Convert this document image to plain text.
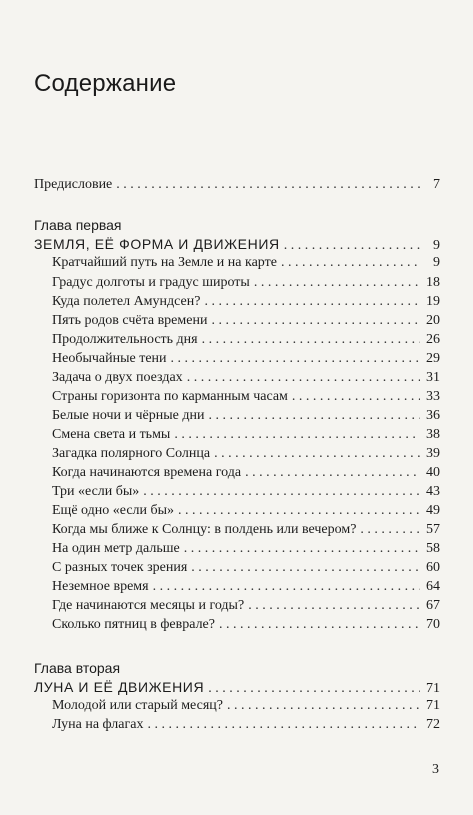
Содержание
Предисловие . . .	7
Глава первая
ЗЕМЛЯ, ЕЁ ФОРМА И ДВИЖЕНИЯ . . .	9
Кратчайший путь на Земле и на карте . . .	9
Градус долготы и градус широты . . .	18
Куда полетел Амундсен? . . .	19
Пять родов счёта времени . . .	20
Продолжительность дня . . .	26
Необычайные тени . . .	29
Задача о двух поездах . . .	31
Страны горизонта по карманным часам . . .	33
Белые ночи и чёрные дни . . .	36
Смена света и тьмы . . .	38
Загадка полярного Солнца . . .	39
Когда начинаются времена года . . .	40
Три «если бы» . . .	43
Ещё одно «если бы» . . .	49
Когда мы ближе к Солнцу: в полдень или вечером? . . .	57
На один метр дальше . . .	58
С разных точек зрения . . .	60
Неземное время . . .	64
Где начинаются месяцы и годы? . . .	67
Сколько пятниц в феврале? . . .	70
Глава вторая
ЛУНА И ЕЁ ДВИЖЕНИЯ . . .	71
Молодой или старый месяц? . . .	71
Луна на флагах . . .	72
3
